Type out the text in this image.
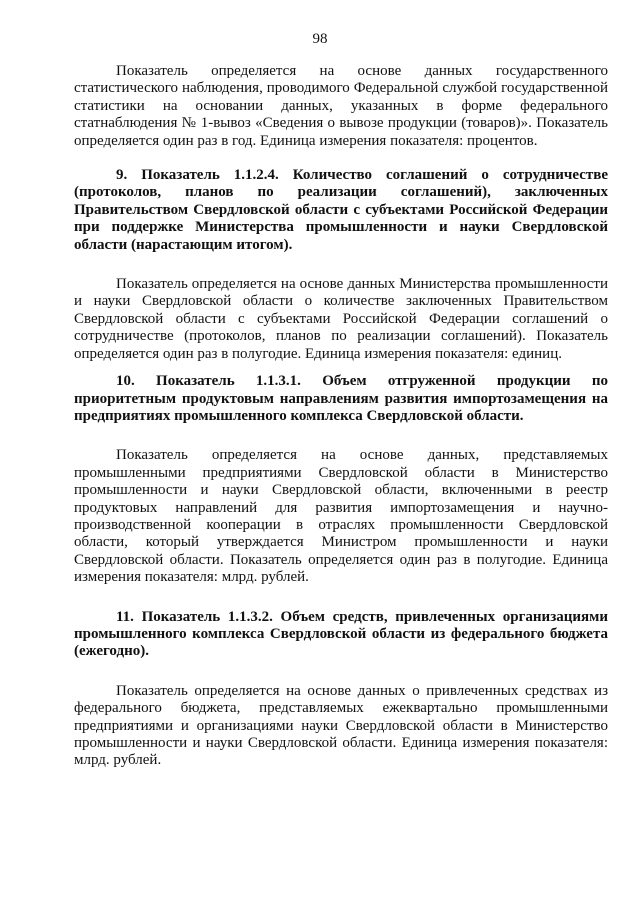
98

Показатель определяется на основе данных государственного статистического наблюдения, проводимого Федеральной службой государственной статистики на основании данных, указанных в форме федерального статнаблюдения № 1-вывоз «Сведения о вывозе продукции (товаров)». Показатель определяется один раз в год. Единица измерения показателя: процентов.

9. Показатель 1.1.2.4. Количество соглашений о сотрудничестве (протоколов, планов по реализации соглашений), заключенных Правительством Свердловской области с субъектами Российской Федерации при поддержке Министерства промышленности и науки Свердловской области (нарастающим итогом).

Показатель определяется на основе данных Министерства промышленности и науки Свердловской области о количестве заключенных Правительством Свердловской области с субъектами Российской Федерации соглашений о сотрудничестве (протоколов, планов по реализации соглашений). Показатель определяется один раз в полугодие. Единица измерения показателя: единиц.

10. Показатель 1.1.3.1. Объем отгруженной продукции по приоритетным продуктовым направлениям развития импортозамещения на предприятиях промышленного комплекса Свердловской области.

Показатель определяется на основе данных, представляемых промышленными предприятиями Свердловской области в Министерство промышленности и науки Свердловской области, включенными в реестр продуктовых направлений для развития импортозамещения и научно-производственной кооперации в отраслях промышленности Свердловской области, который утверждается Министром промышленности и науки Свердловской области. Показатель определяется один раз в полугодие. Единица измерения показателя: млрд. рублей.

11. Показатель 1.1.3.2. Объем средств, привлеченных организациями промышленного комплекса Свердловской области из федерального бюджета (ежегодно).

Показатель определяется на основе данных о привлеченных средствах из федерального бюджета, представляемых ежеквартально промышленными предприятиями и организациями науки Свердловской области в Министерство промышленности и науки Свердловской области. Единица измерения показателя: млрд. рублей.
